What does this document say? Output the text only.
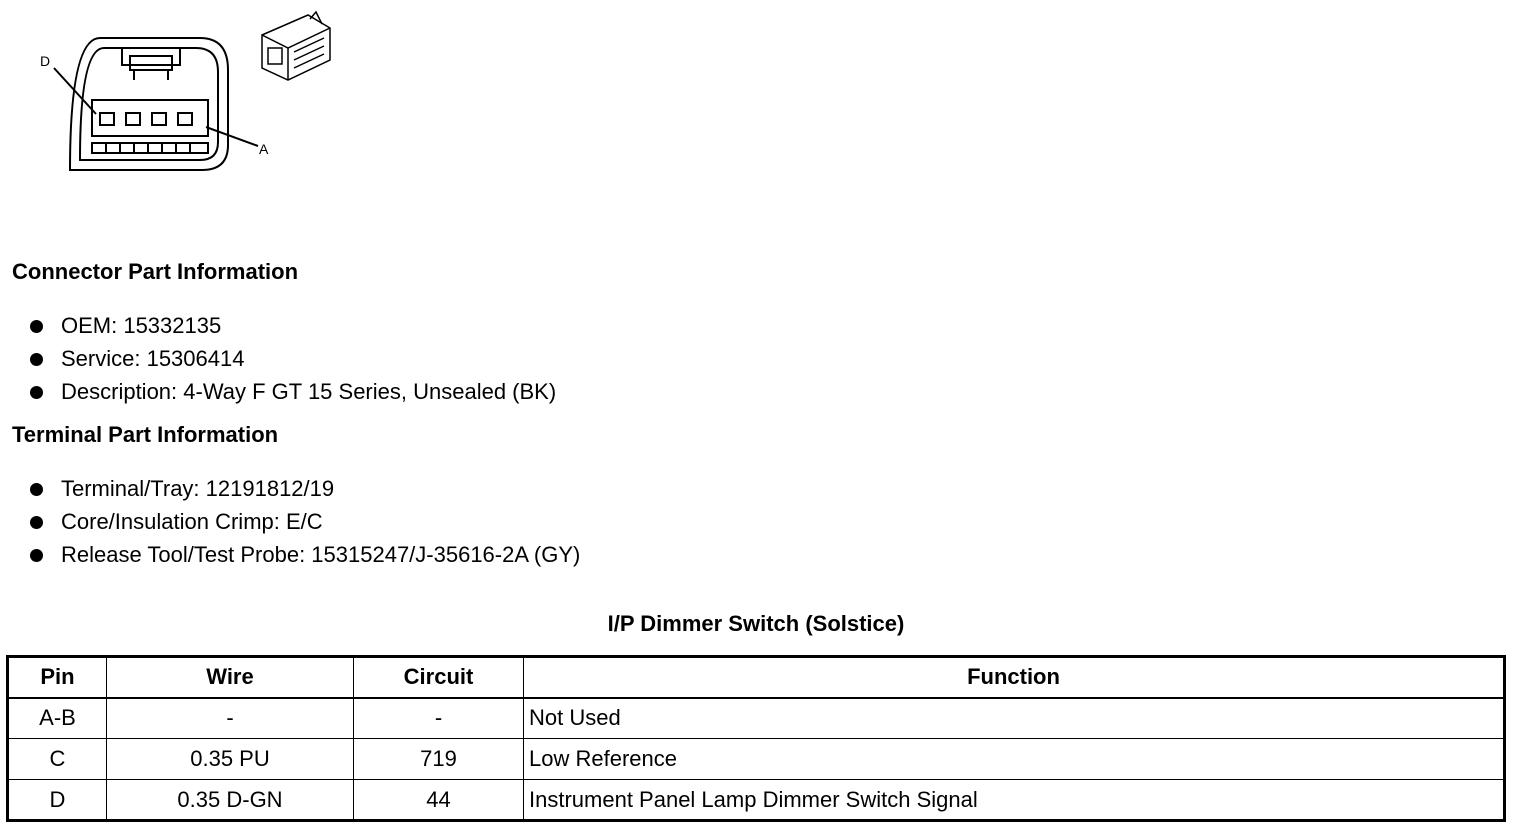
D
A
Connector Part Information
OEM: 15332135
Service: 15306414
Description: 4-Way F GT 15 Series, Unsealed (BK)
Terminal Part Information
Terminal/Tray: 12191812/19
Core/Insulation Crimp: E/C
Release Tool/Test Probe: 15315247/J-35616-2A (GY)
I/P Dimmer Switch (Solstice)
Pin	Wire	Circuit	Function
A-B	-	-	Not Used
C	0.35 PU	719	Low Reference
D	0.35 D-GN	44	Instrument Panel Lamp Dimmer Switch Signal
